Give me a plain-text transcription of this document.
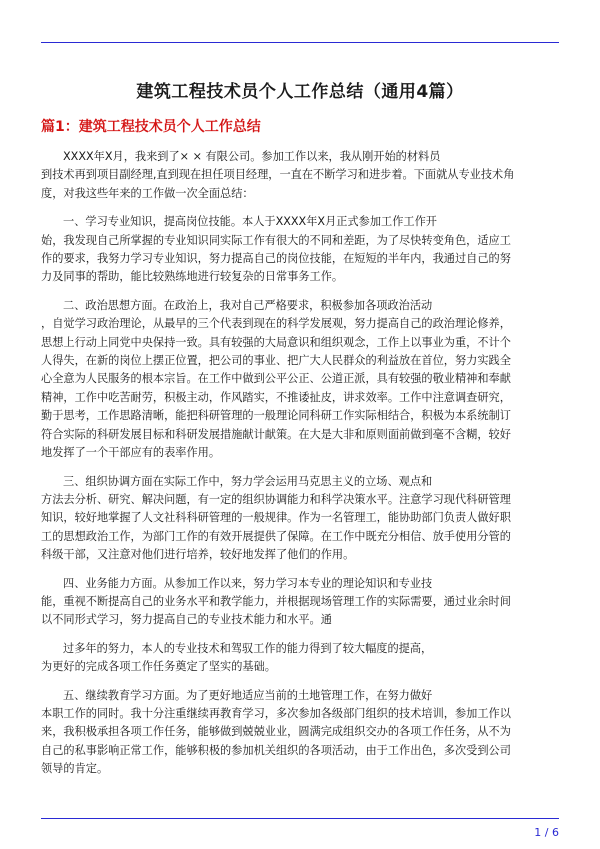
建筑工程技术员个人工作总结（通用4篇）
篇1：建筑工程技术员个人工作总结

XXXX年X月，我来到了× × 有限公司。参加工作以来，我从刚开始的材料员
到技术再到项目副经理,直到现在担任项目经理，一直在不断学习和进步着。下面就从专业技术角
度，对我这些年来的工作做一次全面总结：

一、学习专业知识，提高岗位技能。本人于XXXX年X月正式参加工作工作开
始，我发现自己所掌握的专业知识同实际工作有很大的不同和差距，为了尽快转变角色，适应工
作的要求，我努力学习专业知识，努力提高自己的岗位技能，在短短的半年内，我通过自己的努
力及同事的帮助，能比较熟练地进行较复杂的日常事务工作。

二、政治思想方面。在政治上，我对自己严格要求，积极参加各项政治活动
，自觉学习政治理论，从最早的三个代表到现在的科学发展观，努力提高自己的政治理论修养，
思想上行动上同党中央保持一致。具有较强的大局意识和组织观念，工作上以事业为重，不计个
人得失，在新的岗位上摆正位置，把公司的事业、把广大人民群众的利益放在首位，努力实践全
心全意为人民服务的根本宗旨。在工作中做到公平公正、公道正派，具有较强的敬业精神和奉献
精神，工作中吃苦耐劳，积极主动，作风踏实，不推诿扯皮，讲求效率。工作中注意调查研究，
勤于思考，工作思路清晰，能把科研管理的一般理论同科研工作实际相结合，积极为本系统制订
符合实际的科研发展目标和科研发展措施献计献策。在大是大非和原则面前做到毫不含糊，较好
地发挥了一个干部应有的表率作用。

三、组织协调方面在实际工作中，努力学会运用马克思主义的立场、观点和
方法去分析、研究、解决问题，有一定的组织协调能力和科学决策水平。注意学习现代科研管理
知识，较好地掌握了人文社科科研管理的一般规律。作为一名管理工，能协助部门负责人做好职
工的思想政治工作，为部门工作的有效开展提供了保障。在工作中既充分相信、放手使用分管的
科级干部，又注意对他们进行培养，较好地发挥了他们的作用。

四、业务能力方面。从参加工作以来，努力学习本专业的理论知识和专业技
能，重视不断提高自己的业务水平和教学能力，并根据现场管理工作的实际需要，通过业余时间
以不同形式学习，努力提高自己的专业技术能力和水平。通

过多年的努力，本人的专业技术和驾驭工作的能力得到了较大幅度的提高，
为更好的完成各项工作任务奠定了坚实的基础。

五、继续教育学习方面。为了更好地适应当前的土地管理工作，在努力做好
本职工作的同时。我十分注重继续再教育学习，多次参加各级部门组织的技术培训，参加工作以
来，我积极承担各项工作任务，能够做到兢兢业业，圆满完成组织交办的各项工作任务，从不为
自己的私事影响正常工作，能够积极的参加机关组织的各项活动，由于工作出色，多次受到公司
领导的肯定。

1 / 6
